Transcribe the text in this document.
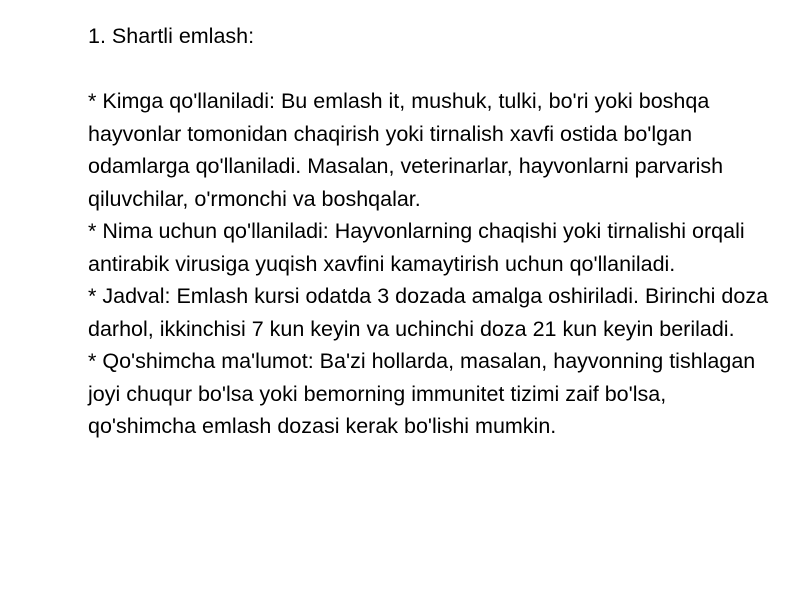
1. Shartli emlash:

* Kimga qo'llaniladi: Bu emlash it, mushuk, tulki, bo'ri yoki boshqa hayvonlar tomonidan chaqirish yoki tirnalish xavfi ostida bo'lgan odamlarga qo'llaniladi. Masalan, veterinarlar, hayvonlarni parvarish qiluvchilar, o'rmonchi va boshqalar.

* Nima uchun qo'llaniladi: Hayvonlarning chaqishi yoki tirnalishi orqali antirabik virusiga yuqish xavfini kamaytirish uchun qo'llaniladi.

* Jadval: Emlash kursi odatda 3 dozada amalga oshiriladi. Birinchi doza darhol, ikkinchisi 7 kun keyin va uchinchi doza 21 kun keyin beriladi.

* Qo'shimcha ma'lumot: Ba'zi hollarda, masalan, hayvonning tishlagan joyi chuqur bo'lsa yoki bemorning immunitet tizimi zaif bo'lsa, qo'shimcha emlash dozasi kerak bo'lishi mumkin.
